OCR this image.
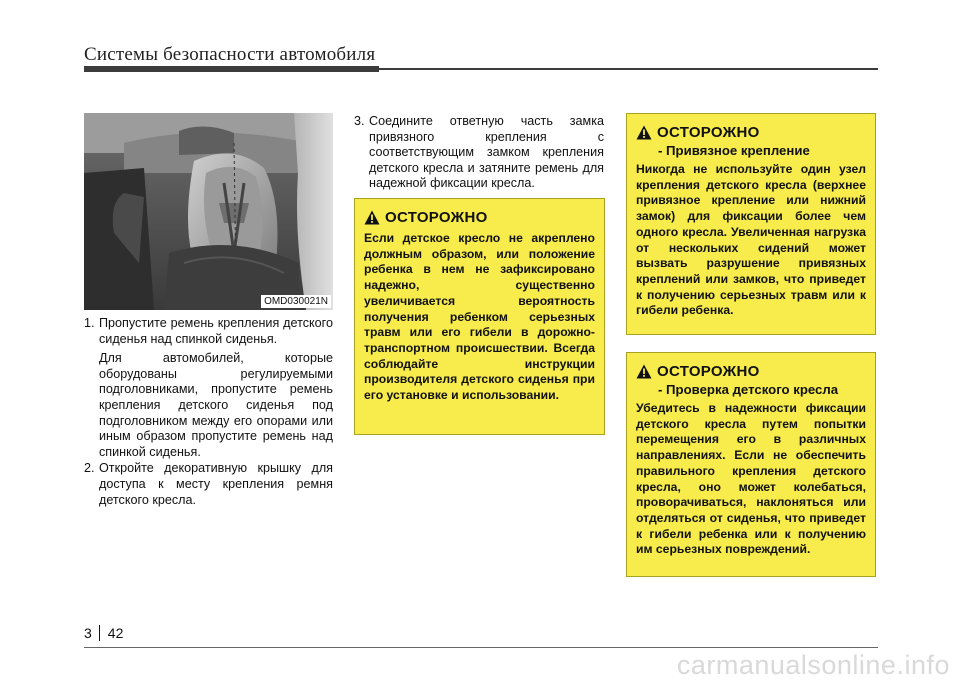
Системы безопасности автомобиля
OMD030021N
1. Пропустите ремень крепления детского сиденья над спинкой сиденья.

Для автомобилей, которые оборудованы регулируемыми подголовниками, пропустите ремень крепления детского сиденья под подголовником между его опорами или иным образом пропустите ремень над спинкой сиденья.

2. Откройте декоративную крышку для доступа к месту крепления ремня детского кресла.
3. Соедините ответную часть замка привязного крепления с соответствующим замком крепления детского кресла и затяните ремень для надежной фиксации кресла.
ОСТОРОЖНО
Если детское кресло не акреплено должным образом, или положение ребенка в нем не зафиксировано надежно, существенно увеличивается вероятность получения ребенком серьезных травм или его гибели в дорожно-транспортном происшествии. Всегда соблюдайте инструкции производителя детского сиденья при его установке и использовании.
ОСТОРОЖНО
- Привязное крепление
Никогда не используйте один узел крепления детского кресла (верхнее привязное крепление или нижний замок) для фиксации более чем одного кресла. Увеличенная нагрузка от нескольких сидений может вызвать разрушение привязных креплений или замков, что приведет к получению серьезных травм или к гибели ребенка.
ОСТОРОЖНО
- Проверка детского кресла
Убедитесь в надежности фиксации детского кресла путем попытки перемещения его в различных направлениях. Если не обеспечить правильного крепления детского кресла, оно может колебаться, проворачиваться, наклоняться или отделяться от сиденья, что приведет к гибели ребенка или к получению им серьезных повреждений.
3 42
carmanualsonline.info
